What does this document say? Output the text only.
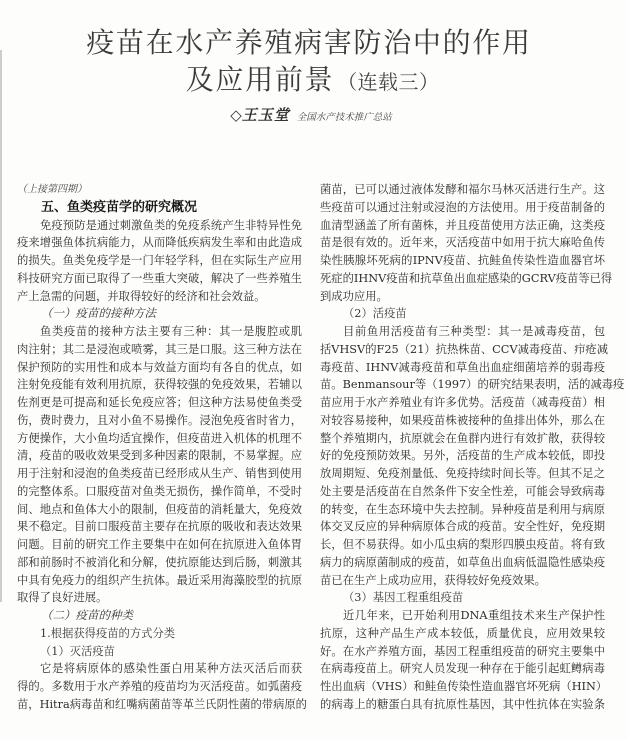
疫苗在水产养殖病害防治中的作用
及应用前景 （连载三）
◇王玉堂 全国水产技术推广总站
（上接第四期）
五、鱼类疫苗学的研究概况
免疫预防是通过刺激鱼类的免疫系统产生非特异性免
疫来增强鱼体抗病能力，从而降低疾病发生率和由此造成
的损失。鱼类免疫学是一门年轻学科，但在实际生产应用
科技研究方面已取得了一些重大突破，解决了一些养殖生
产上急需的问题，并取得较好的经济和社会效益。
（一）疫苗的接种方法
鱼类疫苗的接种方法主要有三种：其一是腹腔或肌
肉注射；其二是浸泡或喷雾，其三是口服。这三种方法在
保护预防的实用性和成本与效益方面均有各自的优点，如
注射免疫能有效利用抗原，获得较强的免疫效果，若辅以
佐剂更是可提高和延长免疫应答；但这种方法易使鱼类受
伤，费时费力，且对小鱼不易操作。浸泡免疫省时省力，
方便操作，大小鱼均适宜操作，但疫苗进入机体的机理不
清，疫苗的吸收效果受到多种因素的限制，不易掌握。应
用于注射和浸泡的鱼类疫苗已经形成从生产、销售到使用
的完整体系。口服疫苗对鱼类无损伤，操作简单，不受时
间、地点和鱼体大小的限制，但疫苗的消耗量大，免疫效
果不稳定。目前口服疫苗主要存在抗原的吸收和表达效果
问题。目前的研究工作主要集中在如何在抗原进入鱼体胃
部和前肠时不被消化和分解，使抗原能达到后肠，刺激其
中具有免疫力的组织产生抗体。最近采用海藻胶型的抗原
取得了良好进展。
（二）疫苗的种类
1.根据获得疫苗的方式分类
（1）灭活疫苗
它是将病原体的感染性蛋白用某种方法灭活后而获
得的。多数用于水产养殖的疫苗均为灭活疫苗。如弧菌疫
苗，Hitra病毒苗和红嘴病菌苗等革兰氏阴性菌的带病原的
菌苗，已可以通过液体发酵和福尔马林灭活进行生产。这
些疫苗可以通过注射或浸泡的方法使用。用于疫苗制备的
血清型涵盖了所有菌株，并且疫苗使用方法正确，这类疫
苗是很有效的。近年来，灭活疫苗中如用于抗大麻哈鱼传
染性胰腺坏死病的IPNV疫苗、抗鲑鱼传染性造血器官坏
死症的IHNV疫苗和抗草鱼出血症感染的GCRV疫苗等已得
到成功应用。
（2）活疫苗
目前鱼用活疫苗有三种类型：其一是减毒疫苗，包
括VHSV的F25（21）抗热株苗、CCV减毒疫苗、疖疮减
毒疫苗、IHNV减毒疫苗和草鱼出血症细菌培养的弱毒疫
苗。Benmansour等（1997）的研究结果表明，活的减毒疫
苗应用于水产养殖业有许多优势。活疫苗（减毒疫苗）相
对较容易接种，如果疫苗株被接种的鱼排出体外，那么在
整个养殖期内，抗原就会在鱼群内进行有效扩散，获得较
好的免疫预防效果。另外，活疫苗的生产成本较低，即投
放周期短、免疫剂量低、免疫持续时间长等。但其不足之
处主要是活疫苗在自然条件下安全性差，可能会导致病毒
的转变，在生态环境中失去控制。异种疫苗是利用与病原
体交叉反应的异种病原体合成的疫苗。安全性好，免疫期
长，但不易获得。如小瓜虫病的梨形四膜虫疫苗。将有致
病力的病原菌制成的疫苗，如草鱼出血病低温隐性感染疫
苗已在生产上成功应用，获得较好免疫效果。
（3）基因工程重组疫苗
近几年来，已开始利用DNA重组技术来生产保护性
抗原，这种产品生产成本较低，质量优良，应用效果较
好。在水产养殖方面，基因工程重组疫苗的研究主要集中
在病毒疫苗上。研究人员发现一种存在于能引起虹鳟病毒
性出血病（VHS）和鲑鱼传染性造血器官坏死病（HIN）
的病毒上的糖蛋白具有抗原性基因，其中性抗体在实验条
